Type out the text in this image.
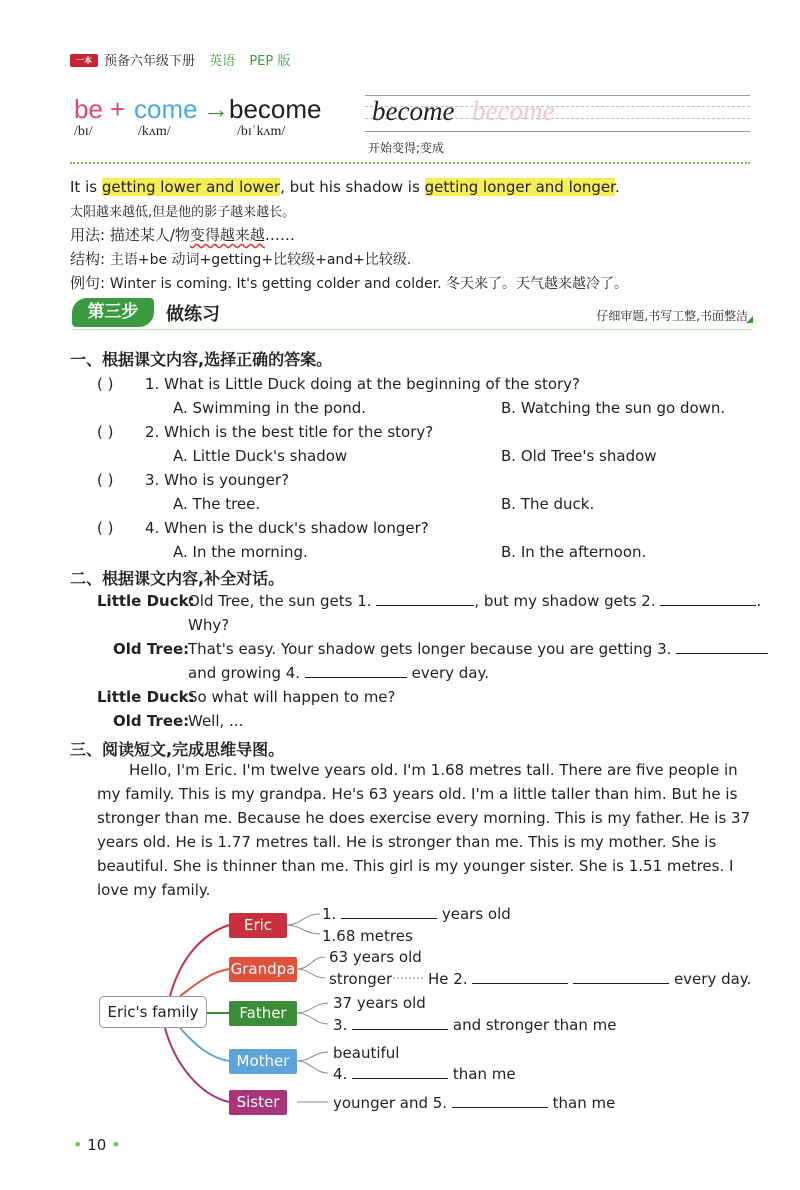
一本 预备六年级下册 英语 PEP 版
be + come → become
/bɪ/	/kʌm/	/bɪˈkʌm/
become become
开始变得;变成
It is getting lower and lower, but his shadow is getting longer and longer.
太阳越来越低,但是他的影子越来越长。
用法: 描述某人/物变得越来越……
结构: 主语+be 动词+getting+比较级+and+比较级.
例句: Winter is coming. It's getting colder and colder. 冬天来了。天气越来越冷了。
第三步	做练习	仔细审题,书写工整,书面整洁
一、根据课文内容,选择正确的答案。
( ) 1. What is Little Duck doing at the beginning of the story?
A. Swimming in the pond.	B. Watching the sun go down.
( ) 2. Which is the best title for the story?
A. Little Duck's shadow	B. Old Tree's shadow
( ) 3. Who is younger?
A. The tree.	B. The duck.
( ) 4. When is the duck's shadow longer?
A. In the morning.	B. In the afternoon.
二、根据课文内容,补全对话。
Little Duck:
Old Tree, the sun gets 1.	, but my shadow gets 2.	.
Why?
Old Tree:
That's easy. Your shadow gets longer because you are getting 3.
and growing 4.	every day.
Little Duck:
So what will happen to me?
Old Tree:
Well, ...
三、阅读短文,完成思维导图。
Hello, I'm Eric. I'm twelve years old. I'm 1.68 metres tall. There are five people in
my family. This is my grandpa. He's 63 years old. I'm a little taller than him. But he is
stronger than me. Because he does exercise every morning. This is my father. He is 37
years old. He is 1.77 metres tall. He is stronger than me. This is my mother. She is
beautiful. She is thinner than me. This girl is my younger sister. She is 1.51 metres. I
love my family.
Eric's family
Eric
Grandpa
Father
Mother
Sister
1.	years old
1.68 metres
63 years old
stronger He 2.	every day.
37 years old
3.	and stronger than me
beautiful
4.	than me
younger and 5.	than me
• 10 •
